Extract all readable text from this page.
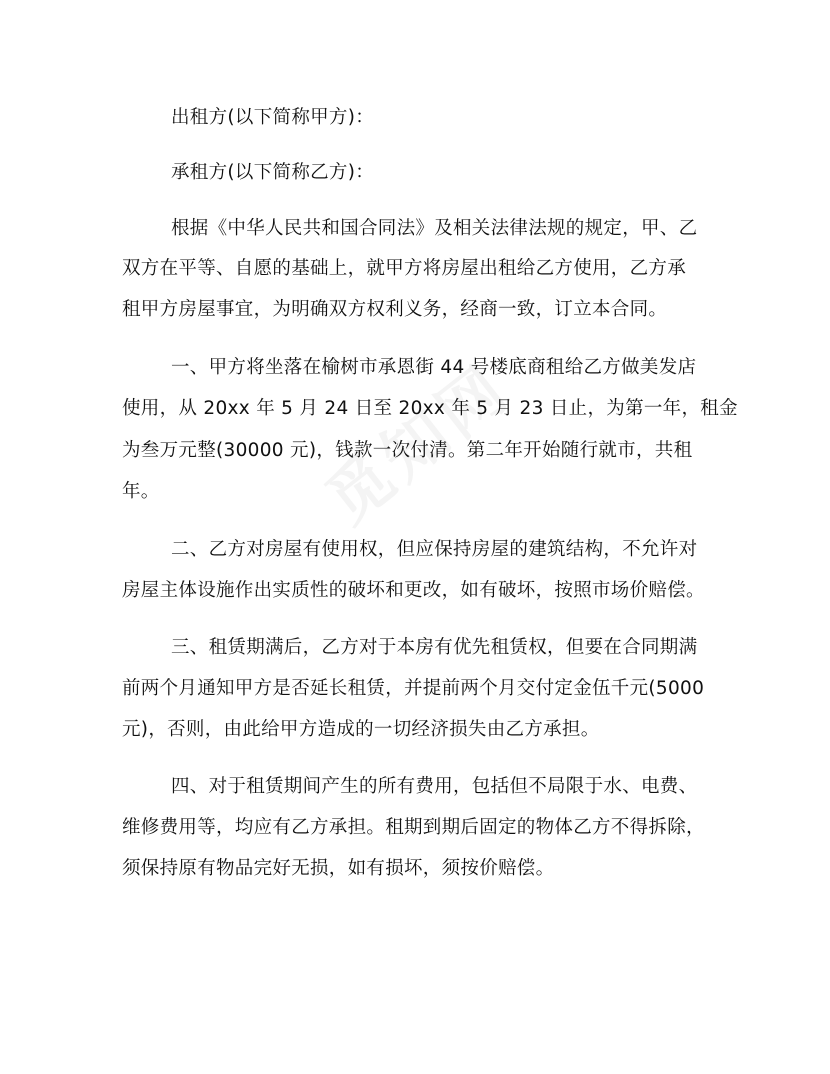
出租方(以下简称甲方)：
承租方(以下简称乙方)：
根据《中华人民共和国合同法》及相关法律法规的规定，甲、乙
双方在平等、自愿的基础上，就甲方将房屋出租给乙方使用，乙方承
租甲方房屋事宜，为明确双方权利义务，经商一致，订立本合同。
一、甲方将坐落在榆树市承恩街 44 号楼底商租给乙方做美发店
使用，从 20xx 年 5 月 24 日至 20xx 年 5 月 23 日止，为第一年，租金
为叁万元整(30000 元)，钱款一次付清。第二年开始随行就市，共租
年。
二、乙方对房屋有使用权，但应保持房屋的建筑结构，不允许对
房屋主体设施作出实质性的破坏和更改，如有破坏，按照市场价赔偿。
三、租赁期满后，乙方对于本房有优先租赁权，但要在合同期满
前两个月通知甲方是否延长租赁，并提前两个月交付定金伍千元(5000
元)，否则，由此给甲方造成的一切经济损失由乙方承担。
四、对于租赁期间产生的所有费用，包括但不局限于水、电费、
维修费用等，均应有乙方承担。租期到期后固定的物体乙方不得拆除，
须保持原有物品完好无损，如有损坏，须按价赔偿。
